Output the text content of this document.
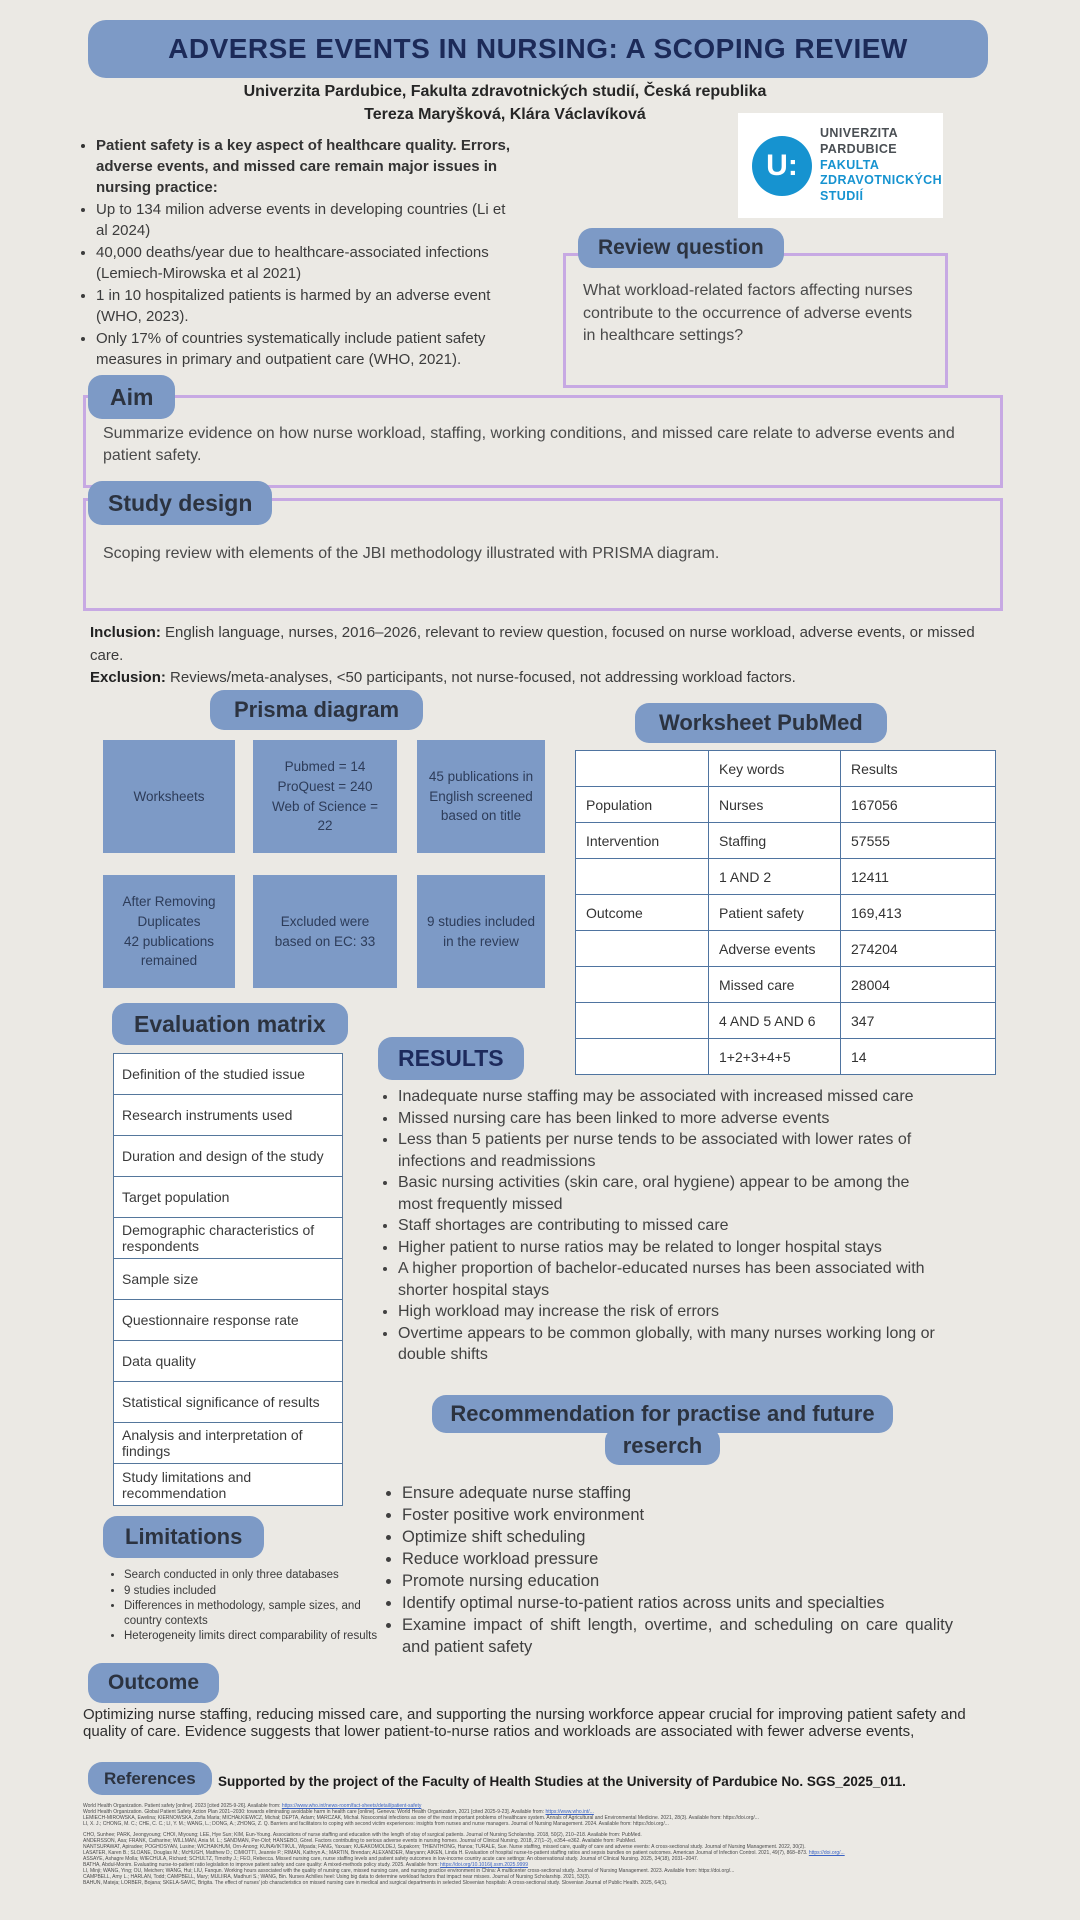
ADVERSE EVENTS IN NURSING: A SCOPING REVIEW
Univerzita Pardubice, Fakulta zdravotnických studií, Česká republika
Tereza Maryšková, Klára Václavíková
• Patient safety is a key aspect of healthcare quality. Errors, adverse events, and missed care remain major issues in nursing practice:
• Up to 134 milion adverse events in developing countries (Li et al 2024)
• 40,000 deaths/year due to healthcare-associated infections (Lemiech-Mirowska et al 2021)
• 1 in 10 hospitalized patients is harmed by an adverse event (WHO, 2023).
• Only 17% of countries systematically include patient safety measures in primary and outpatient care (WHO, 2021).
U:
UNIVERZITA
PARDUBICE
FAKULTA
ZDRAVOTNICKÝCH
STUDIÍ
Review question
What workload-related factors affecting nurses contribute to the occurrence of adverse events in healthcare settings?
Aim
Summarize evidence on how nurse workload, staffing, working conditions, and missed care relate to adverse events and patient safety.
Study design
Scoping review with elements of the JBI methodology illustrated with PRISMA diagram.
Inclusion: English language, nurses, 2016–2026, relevant to review question, focused on nurse workload, adverse events, or missed care.
Exclusion: Reviews/meta-analyses, <50 participants, not nurse-focused, not addressing workload factors.
Prisma diagram
Worksheets
Pubmed = 14
ProQuest = 240
Web of Science =
22
45 publications in
English screened
based on title
After Removing
Duplicates
42 publications
remained
Excluded were
based on EC: 33
9 studies included
in the review
Worksheet PubMed
	Key words	Results
Population	Nurses	167056
Intervention	Staffing	57555
	1 AND 2	12411
Outcome	Patient safety	169,413
	Adverse events	274204
	Missed care	28004
	4 AND 5 AND 6	347
	1+2+3+4+5	14
Evaluation matrix
Definition of the studied issue
Research instruments used
Duration and design of the study
Target population
Demographic characteristics of respondents
Sample size
Questionnaire response rate
Data quality
Statistical significance of results
Analysis and interpretation of findings
Study limitations and recommendation
RESULTS
• Inadequate nurse staffing may be associated with increased missed care
• Missed nursing care has been linked to more adverse events
• Less than 5 patients per nurse tends to be associated with lower rates of infections and readmissions
• Basic nursing activities (skin care, oral hygiene) appear to be among the most frequently missed
• Staff shortages are contributing to missed care
• Higher patient to nurse ratios may be related to longer hospital stays
• A higher proportion of bachelor-educated nurses has been associated with shorter hospital stays
• High workload may increase the risk of errors
• Overtime appears to be common globally, with many nurses working long or double shifts
Recommendation for practise and future
reserch
• Ensure adequate nurse staffing
• Foster positive work environment
• Optimize shift scheduling
• Reduce workload pressure
• Promote nursing education
• Identify optimal nurse-to-patient ratios across units and specialties
• Examine impact of shift length, overtime, and scheduling on care quality and patient safety
Limitations
• Search conducted in only three databases
• 9 studies included
• Differences in methodology, sample sizes, and country contexts
• Heterogeneity limits direct comparability of results
Outcome
Optimizing nurse staffing, reducing missed care, and supporting the nursing workforce appear crucial for improving patient safety and quality of care. Evidence suggests that lower patient-to-nurse ratios and workloads are associated with fewer adverse events,
References	Supported by the project of the Faculty of Health Studies at the University of Pardubice No. SGS_2025_011.
World Health Organization. Patient safety [online]. 2023 [cited 2025-9-26]. Available from: https://www.who.int/news-room/fact-sheets/detail/patient-safety
World Health Organization. Global Patient Safety Action Plan 2021–2030: towards eliminating avoidable harm in health care [online]. Geneva: World Health Organization, 2021 [cited 2025-9-23]. Available from: https://www.who.int/...
LEMIECH-MIROWSKA, Ewelina; KIERNOWSKA, Zofia Maria; MICHAŁKIEWICZ, Michał; DEPTA, Adam; MARCZAK, Michał. Nosocomial infections as one of the most important problems of healthcare system. Annals of Agricultural and Environmental Medicine. 2021, 28(3). Available from: https://doi.org/...
LI, X. J.; CHONG, M. C.; CHE, C. C.; LI, Y. M.; WANG, L.; DONG, A.; ZHONG, Z. Q. Barriers and facilitators to coping with second victim experiences: insights from nurses and nurse managers. Journal of Nursing Management. 2024. Available from: https://doi.org/...
CHO, Sunhee; PARK, Jeongyoung; CHOI, Miyoung; LEE, Hye Sun; KIM, Eun-Young. Associations of nurse staffing and education with the length of stay of surgical patients. Journal of Nursing Scholarship. 2018, 50(2), 210–218. Available from: PubMed.
ANDERSSON, Åsa; FRANK, Catharine; WILLMAN, Ania M. L.; SANDMAN, Per-Olof; HANSEBO, Görel. Factors contributing to serious adverse events in nursing homes. Journal of Clinical Nursing. 2018, 27(1–2), e354–e362. Available from: PubMed.
NANTSUPAWAT, Apiradee; POGHOSYAN, Lusine; WICHAIKHUM, Orn-Anong; KUNAVIKTIKUL, Wipada; FANG, Yaxuan; KUEAKOMOLDEJ, Supakorn; THIENTHONG, Hanoa; TURALE, Sue. Nurse staffing, missed care, quality of care and adverse events: A cross-sectional study. Journal of Nursing Management. 2022, 30(2).
LASATER, Karen B.; SLOANE, Douglas M.; McHUGH, Matthew D.; CIMIOTTI, Jeannie P.; RIMAN, Kathryn A.; MARTIN, Brendan; ALEXANDER, Maryann; AIKEN, Linda H. Evaluation of hospital nurse-to-patient staffing ratios and sepsis bundles on patient outcomes. American Journal of Infection Control. 2021, 49(7), 868–873. https://doi.org/...
ASSAYE, Ashagre Molla; WIECHULA, Richard; SCHULTZ, Timothy J.; FEO, Rebecca. Missed nursing care, nurse staffing levels and patient safety outcomes in low-income country acute care settings: An observational study. Journal of Clinical Nursing. 2025, 34(18), 2031–2047.
BATHA, Abdul-Monim. Evaluating nurse-to-patient ratio legislation to improve patient safety and care quality: A mixed-methods policy study. 2025. Available from: https://doi.org/10.1016/j.ssm.2025.9999
LI, Minji; WANG, Ying; OU, Meichen; WANG, Hui; LIU, Fanqun. Working hours associated with the quality of nursing care, missed nursing care, and nursing practice environment in China: A multicenter cross-sectional study. Journal of Nursing Management. 2023. Available from: https://doi.org/...
CAMPBELL, Amy L.; HARLAN, Todd; CAMPBELL, Mary; MULIIRA, Madhuri S.; WANG, Bin. Nurses Achilles heel: Using big data to determine workload factors that impact near misses. Journal of Nursing Scholarship. 2021, 53(3).
BAHUN, Mateja; LORBER, Bojana; SKELA-SAVIČ, Brigita. The effect of nurses' job characteristics on missed nursing care in medical and surgical departments in selected Slovenian hospitals: A cross-sectional study. Slovenian Journal of Public Health. 2025, 64(1).
